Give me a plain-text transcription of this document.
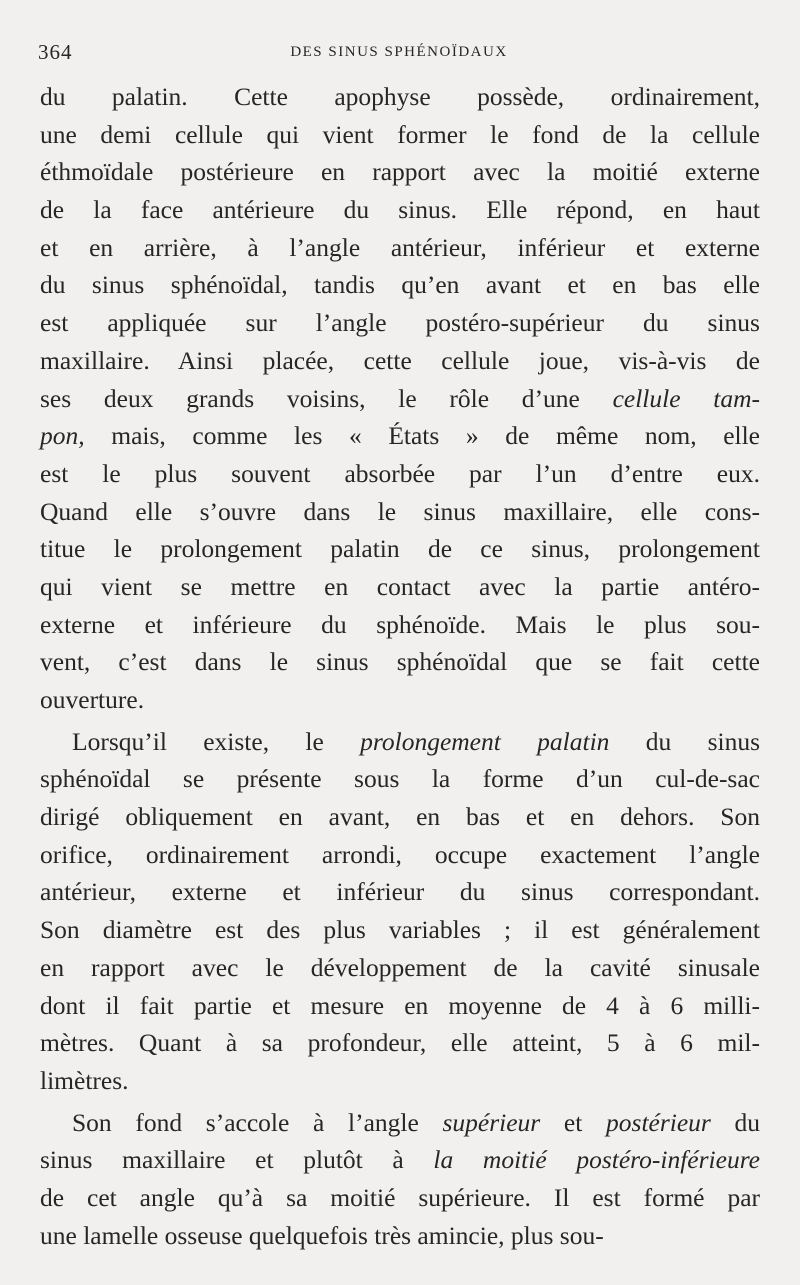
364	DES SINUS SPHÉNOÏDAUX
du palatin. Cette apophyse possède, ordinairement,
une demi cellule qui vient former le fond de la cellule
éthmoïdale postérieure en rapport avec la moitié externe
de la face antérieure du sinus. Elle répond, en haut
et en arrière, à l’angle antérieur, inférieur et externe
du sinus sphénoïdal, tandis qu’en avant et en bas elle
est appliquée sur l’angle postéro-supérieur du sinus
maxillaire. Ainsi placée, cette cellule joue, vis-à-vis de
ses deux grands voisins, le rôle d’une cellule tam-
pon, mais, comme les « États » de même nom, elle
est le plus souvent absorbée par l’un d’entre eux.
Quand elle s’ouvre dans le sinus maxillaire, elle cons-
titue le prolongement palatin de ce sinus, prolongement
qui vient se mettre en contact avec la partie antéro-
externe et inférieure du sphénoïde. Mais le plus sou-
vent, c’est dans le sinus sphénoïdal que se fait cette
ouverture.
Lorsqu’il existe, le prolongement palatin du sinus
sphénoïdal se présente sous la forme d’un cul-de-sac
dirigé obliquement en avant, en bas et en dehors. Son
orifice, ordinairement arrondi, occupe exactement l’angle
antérieur, externe et inférieur du sinus correspondant.
Son diamètre est des plus variables ; il est généralement
en rapport avec le développement de la cavité sinusale
dont il fait partie et mesure en moyenne de 4 à 6 milli-
mètres. Quant à sa profondeur, elle atteint, 5 à 6 mil-
limètres.
Son fond s’accole à l’angle supérieur et postérieur du
sinus maxillaire et plutôt à la moitié postéro-inférieure
de cet angle qu’à sa moitié supérieure. Il est formé par
une lamelle osseuse quelquefois très amincie, plus sou-
